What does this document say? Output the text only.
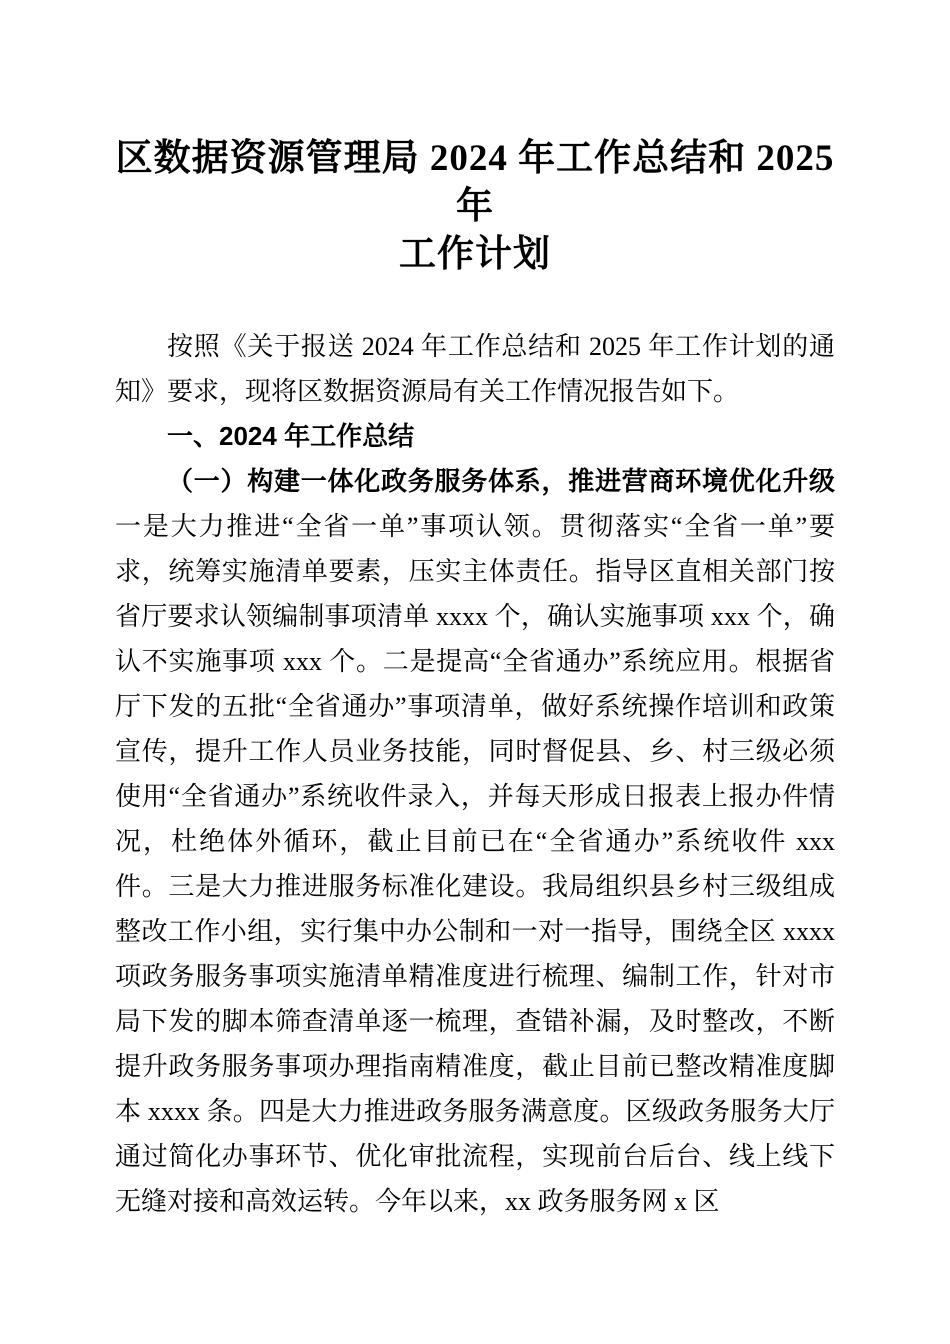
区数据资源管理局 2024 年工作总结和 2025 年
工作计划

按照《关于报送 2024 年工作总结和 2025 年工作计划的通知》要求，现将区数据资源局有关工作情况报告如下。

一、2024 年工作总结

（一）构建一体化政务服务体系，推进营商环境优化升级一是大力推进“全省一单”事项认领。贯彻落实“全省一单”要求，统筹实施清单要素，压实主体责任。指导区直相关部门按省厅要求认领编制事项清单 xxxx 个，确认实施事项 xxx 个，确认不实施事项 xxx 个。二是提高“全省通办”系统应用。根据省厅下发的五批“全省通办”事项清单，做好系统操作培训和政策宣传，提升工作人员业务技能，同时督促县、乡、村三级必须使用“全省通办”系统收件录入，并每天形成日报表上报办件情况，杜绝体外循环，截止目前已在“全省通办”系统收件 xxx 件。三是大力推进服务标准化建设。我局组织县乡村三级组成整改工作小组，实行集中办公制和一对一指导，围绕全区 xxxx 项政务服务事项实施清单精准度进行梳理、编制工作，针对市局下发的脚本筛查清单逐一梳理，查错补漏，及时整改，不断提升政务服务事项办理指南精准度，截止目前已整改精准度脚本 xxxx 条。四是大力推进政务服务满意度。区级政务服务大厅通过简化办事环节、优化审批流程，实现前台后台、线上线下无缝对接和高效运转。今年以来，xx 政务服务网 x 区
